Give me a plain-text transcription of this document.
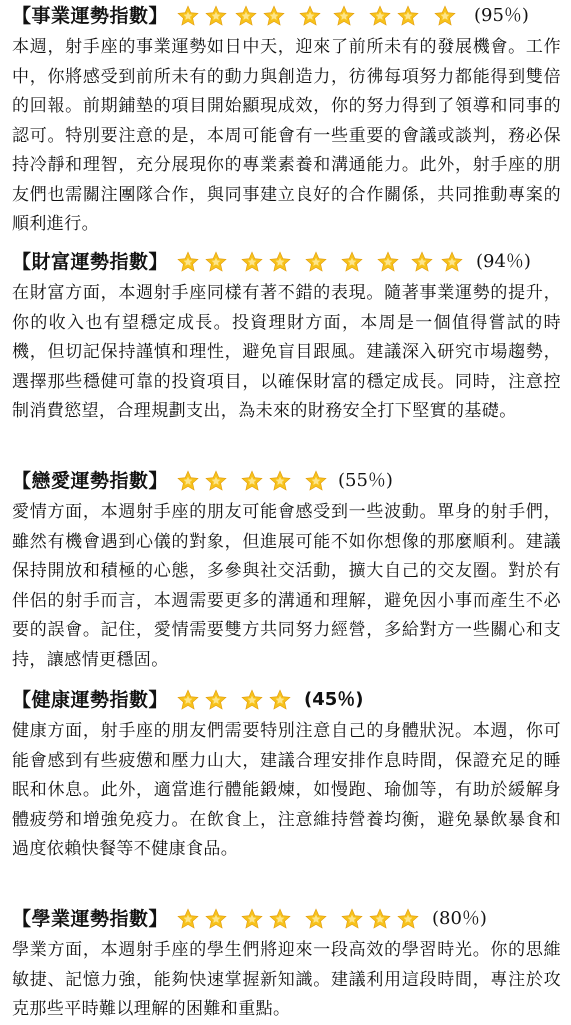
【事業運勢指數】	(95％)

本週，射手座的事業運勢如日中天，迎來了前所未有的發展機會。工作中，你將感受到前所未有的動力與創造力，彷彿每項努力都能得到雙倍的回報。前期鋪墊的項目開始顯現成效，你的努力得到了領導和同事的認可。特別要注意的是，本周可能會有一些重要的會議或談判，務必保持冷靜和理智，充分展現你的專業素養和溝通能力。此外，射手座的朋友們也需關注團隊合作，與同事建立良好的合作關係，共同推動專案的順利進行。

【財富運勢指數】	(94％)

在財富方面，本週射手座同樣有著不錯的表現。隨著事業運勢的提升，你的收入也有望穩定成長。投資理財方面，本周是一個值得嘗試的時機，但切記保持謹慎和理性，避免盲目跟風。建議深入研究市場趨勢，選擇那些穩健可靠的投資項目，以確保財富的穩定成長。同時，注意控制消費慾望，合理規劃支出，為未來的財務安全打下堅實的基礎。

【戀愛運勢指數】	(55％)

愛情方面，本週射手座的朋友可能會感受到一些波動。單身的射手們，雖然有機會遇到心儀的對象，但進展可能不如你想像的那麼順利。建議保持開放和積極的心態，多參與社交活動，擴大自己的交友圈。對於有伴侶的射手而言，本週需要更多的溝通和理解，避免因小事而產生不必要的誤會。記住，愛情需要雙方共同努力經營，多給對方一些關心和支持，讓感情更穩固。

【健康運勢指數】	(45％)

健康方面，射手座的朋友們需要特別注意自己的身體狀況。本週，你可能會感到有些疲憊和壓力山大，建議合理安排作息時間，保證充足的睡眠和休息。此外，適當進行體能鍛煉，如慢跑、瑜伽等，有助於緩解身體疲勞和增強免疫力。在飲食上，注意維持營養均衡，避免暴飲暴食和過度依賴快餐等不健康食品。

【學業運勢指數】	(80％)

學業方面，本週射手座的學生們將迎來一段高效的學習時光。你的思維敏捷、記憶力強，能夠快速掌握新知識。建議利用這段時間，專注於攻克那些平時難以理解的困難和重點。
